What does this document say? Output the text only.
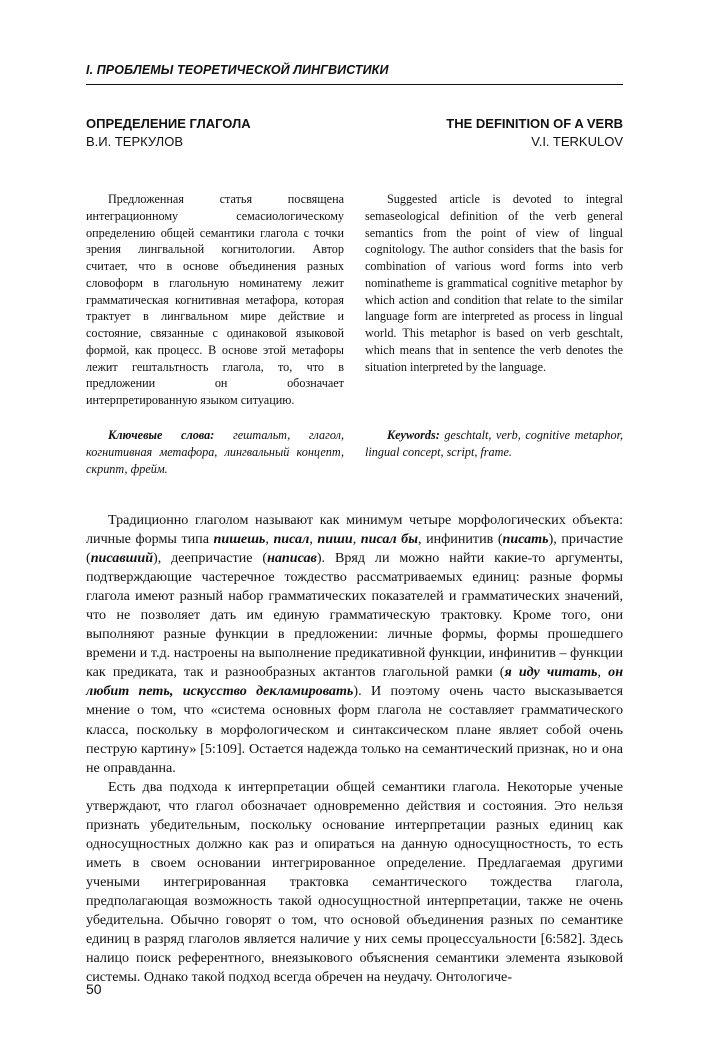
I. ПРОБЛЕМЫ ТЕОРЕТИЧЕСКОЙ ЛИНГВИСТИКИ
ОПРЕДЕЛЕНИЕ ГЛАГОЛА
В.И. ТЕРКУЛОВ
THE DEFINITION OF A VERB
V.I. TERKULOV

Предложенная статья посвящена интеграционному семасиологическому определению общей семантики глагола с точки зрения лингвальной когнитологии. Автор считает, что в основе объединения разных словоформ в глагольную номинатему лежит грамматическая когнитивная метафора, которая трактует в лингвальном мире действие и состояние, связанные с одинаковой языковой формой, как процесс. В основе этой метафоры лежит гештальтность глагола, то, что в предложении он обозначает интерпретированную языком ситуацию.

Suggested article is devoted to integral semaseological definition of the verb general semantics from the point of view of lingual cognitology. The author considers that the basis for combination of various word forms into verb nominatheme is grammatical cognitive metaphor by which action and condition that relate to the similar language form are interpreted as process in lingual world. This metaphor is based on verb geschtalt, which means that in sentence the verb denotes the situation interpreted by the language.

Ключевые слова: гештальт, глагол, когнитивная метафора, лингвальный концепт, скрипт, фрейм.

Keywords: geschtalt, verb, cognitive metaphor, lingual concept, script, frame.

Традиционно глаголом называют как минимум четыре морфологических объекта: личные формы типа пишешь, писал, пиши, писал бы, инфинитив (писать), причастие (писавший), деепричастие (написав). Вряд ли можно найти какие-то аргументы, подтверждающие частеречное тождество рассматриваемых единиц: разные формы глагола имеют разный набор грамматических показателей и грамматических значений, что не позволяет дать им единую грамматическую трактовку. Кроме того, они выполняют разные функции в предложении: личные формы, формы прошедшего времени и т.д. настроены на выполнение предикативной функции, инфинитив – функции как предиката, так и разнообразных актантов глагольной рамки (я иду читать, он любит петь, искусство декламировать). И поэтому очень часто высказывается мнение о том, что «система основных форм глагола не составляет грамматического класса, поскольку в морфологическом и синтаксическом плане являет собой очень пеструю картину» [5:109]. Остается надежда только на семантический признак, но и она не оправданна.

Есть два подхода к интерпретации общей семантики глагола. Некоторые ученые утверждают, что глагол обозначает одновременно действия и состояния. Это нельзя признать убедительным, поскольку основание интерпретации разных единиц как односущностных должно как раз и опираться на данную односущностность, то есть иметь в своем основании интегрированное определение. Предлагаемая другими учеными интегрированная трактовка семантического тождества глагола, предполагающая возможность такой односущностной интерпретации, также не очень убедительна. Обычно говорят о том, что основой объединения разных по семантике единиц в разряд глаголов является наличие у них семы процессуальности [6:582]. Здесь налицо поиск референтного, внеязыкового объяснения семантики элемента языковой системы. Однако такой подход всегда обречен на неудачу. Онтологиче-

50
